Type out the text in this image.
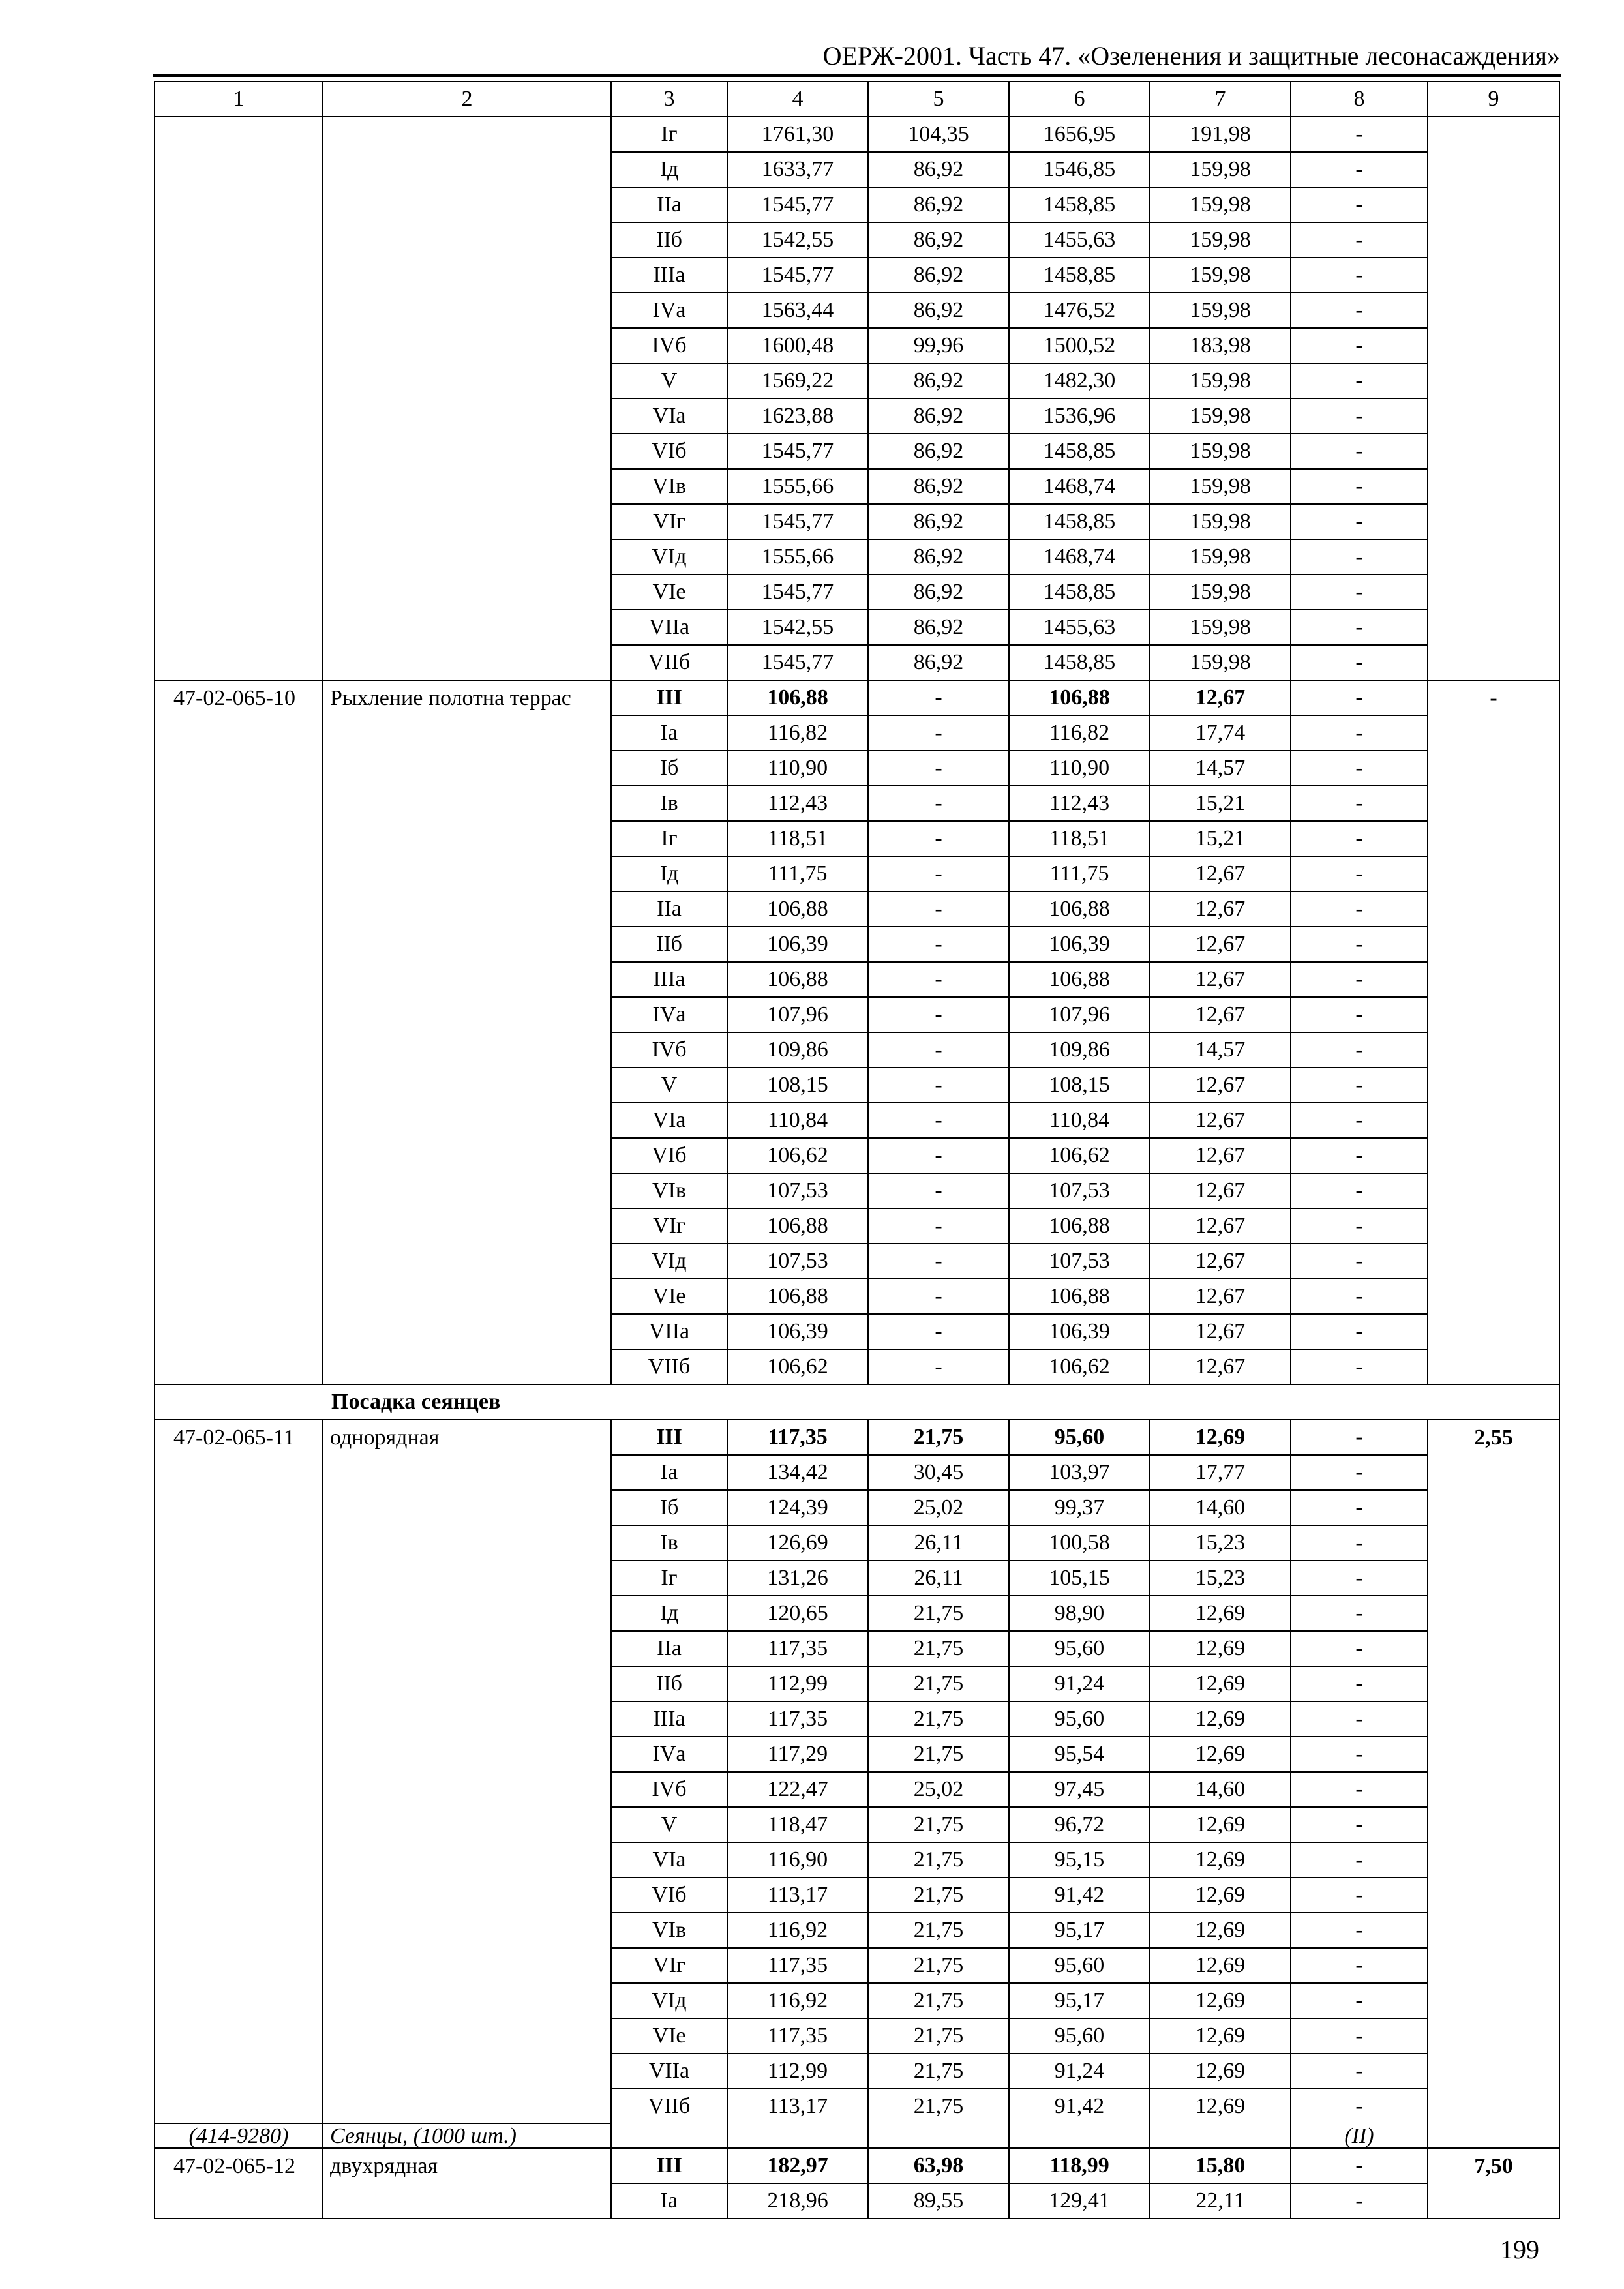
ОЕРЖ-2001. Часть 47. «Озеленения и защитные лесонасаждения»
1	2	3	4	5	6	7	8	9
		Iг	1761,30	104,35	1656,95	191,98	-	
		Iд	1633,77	86,92	1546,85	159,98	-	
		IIа	1545,77	86,92	1458,85	159,98	-	
		IIб	1542,55	86,92	1455,63	159,98	-	
		IIIа	1545,77	86,92	1458,85	159,98	-	
		IVа	1563,44	86,92	1476,52	159,98	-	
		IVб	1600,48	99,96	1500,52	183,98	-	
		V	1569,22	86,92	1482,30	159,98	-	
		VIа	1623,88	86,92	1536,96	159,98	-	
		VIб	1545,77	86,92	1458,85	159,98	-	
		VIв	1555,66	86,92	1468,74	159,98	-	
		VIг	1545,77	86,92	1458,85	159,98	-	
		VIд	1555,66	86,92	1468,74	159,98	-	
		VIе	1545,77	86,92	1458,85	159,98	-	
		VIIа	1542,55	86,92	1455,63	159,98	-	
		VIIб	1545,77	86,92	1458,85	159,98	-	
47-02-065-10	Рыхление полотна террас	III	106,88	-	106,88	12,67	-	-
		Iа	116,82	-	116,82	17,74	-	
		Iб	110,90	-	110,90	14,57	-	
		Iв	112,43	-	112,43	15,21	-	
		Iг	118,51	-	118,51	15,21	-	
		Iд	111,75	-	111,75	12,67	-	
		IIа	106,88	-	106,88	12,67	-	
		IIб	106,39	-	106,39	12,67	-	
		IIIа	106,88	-	106,88	12,67	-	
		IVа	107,96	-	107,96	12,67	-	
		IVб	109,86	-	109,86	14,57	-	
		V	108,15	-	108,15	12,67	-	
		VIа	110,84	-	110,84	12,67	-	
		VIб	106,62	-	106,62	12,67	-	
		VIв	107,53	-	107,53	12,67	-	
		VIг	106,88	-	106,88	12,67	-	
		VIд	107,53	-	107,53	12,67	-	
		VIе	106,88	-	106,88	12,67	-	
		VIIа	106,39	-	106,39	12,67	-	
		VIIб	106,62	-	106,62	12,67	-	
Посадка сеянцев								
47-02-065-11	однорядная	III	117,35	21,75	95,60	12,69	-	2,55
		Iа	134,42	30,45	103,97	17,77	-	
		Iб	124,39	25,02	99,37	14,60	-	
		Iв	126,69	26,11	100,58	15,23	-	
		Iг	131,26	26,11	105,15	15,23	-	
		Iд	120,65	21,75	98,90	12,69	-	
		IIа	117,35	21,75	95,60	12,69	-	
		IIб	112,99	21,75	91,24	12,69	-	
		IIIа	117,35	21,75	95,60	12,69	-	
		IVа	117,29	21,75	95,54	12,69	-	
		IVб	122,47	25,02	97,45	14,60	-	
		V	118,47	21,75	96,72	12,69	-	
		VIа	116,90	21,75	95,15	12,69	-	
		VIб	113,17	21,75	91,42	12,69	-	
		VIв	116,92	21,75	95,17	12,69	-	
		VIг	117,35	21,75	95,60	12,69	-	
		VIд	116,92	21,75	95,17	12,69	-	
		VIе	117,35	21,75	95,60	12,69	-	
		VIIа	112,99	21,75	91,24	12,69	-	
		VIIб	113,17	21,75	91,42	12,69	-	
(414-9280)	Сеянцы, (1000 шт.)						(II)	
47-02-065-12	двухрядная	III	182,97	63,98	118,99	15,80	-	7,50
		Iа	218,96	89,55	129,41	22,11	-	
199
